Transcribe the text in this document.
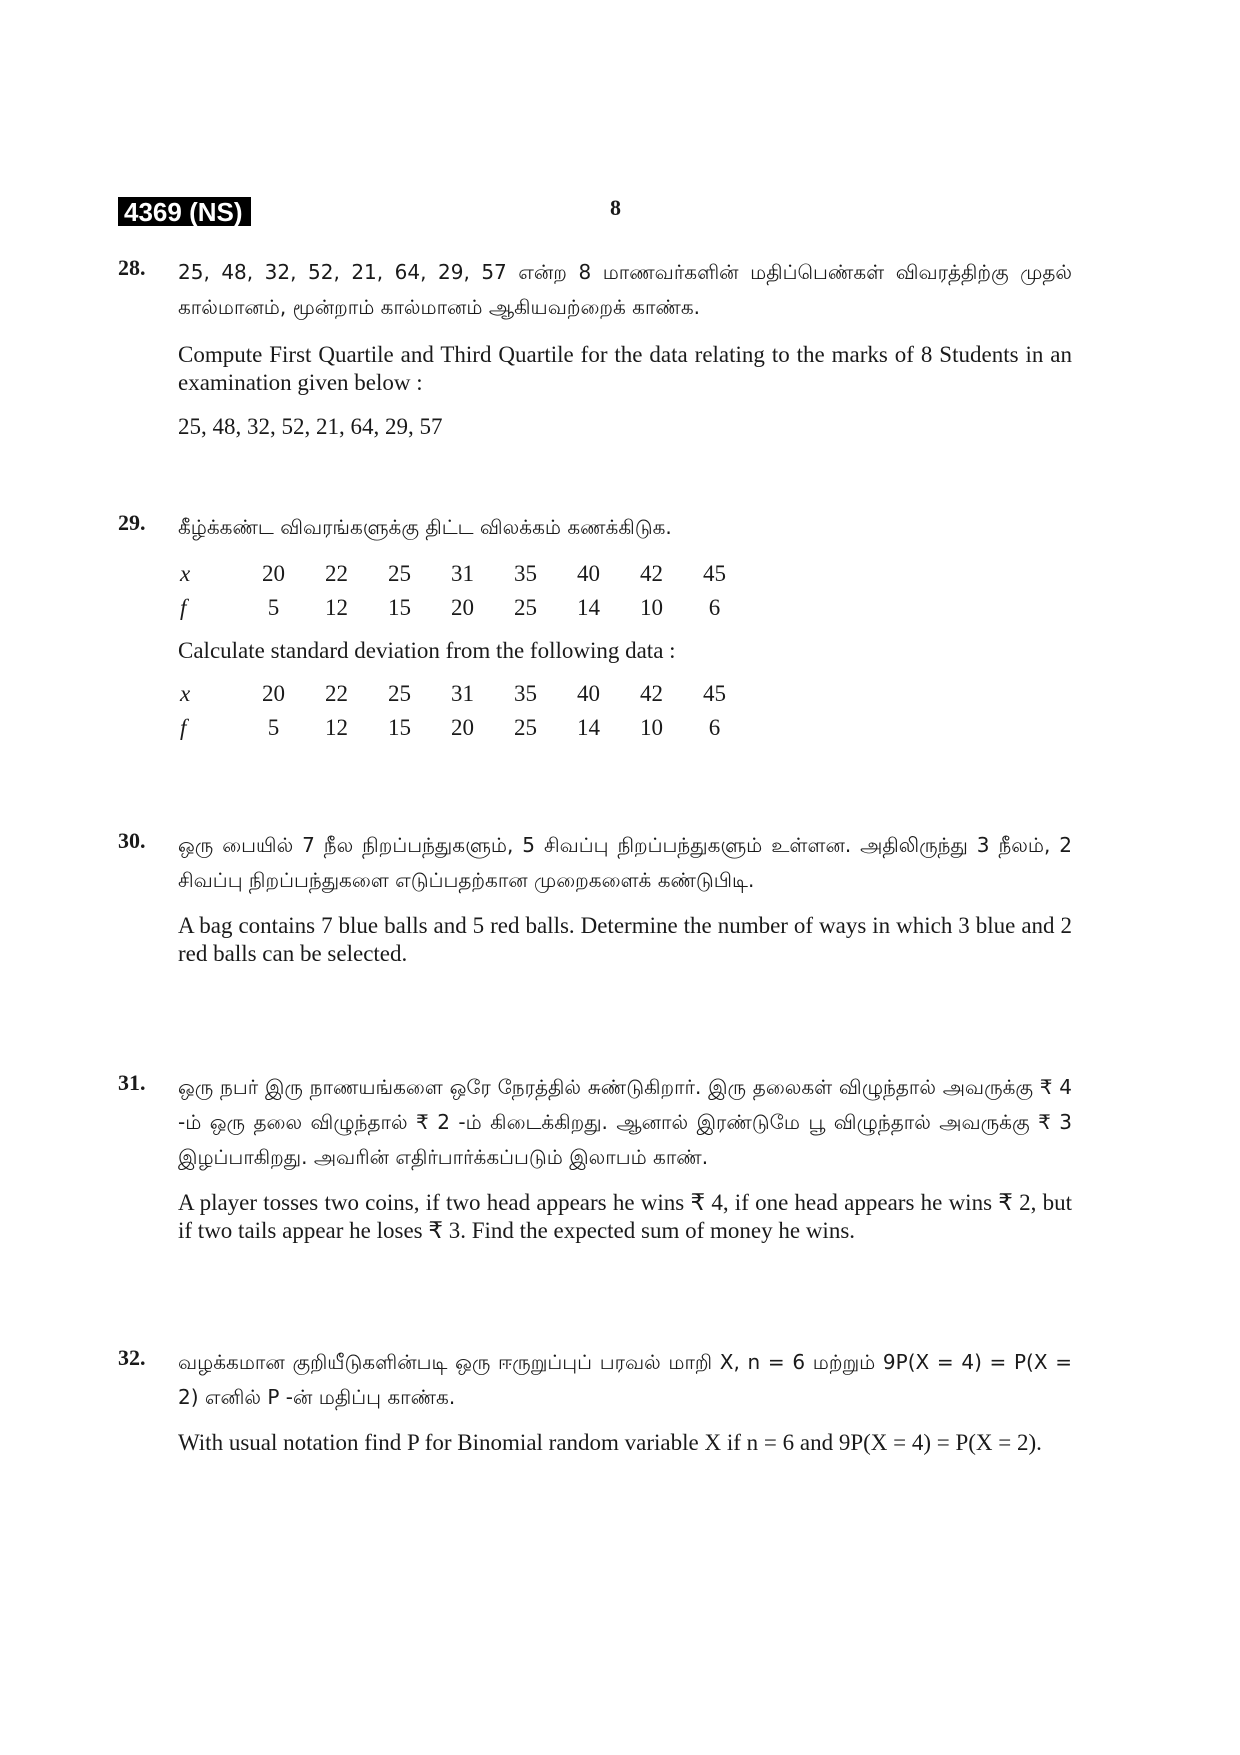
4369 (NS)	8
28. 25, 48, 32, 52, 21, 64, 29, 57 என்ற 8 மாணவர்களின் மதிப்பெண்கள் விவரத்திற்கு முதல் கால்மானம், மூன்றாம் கால்மானம் ஆகியவற்றைக் காண்க.

Compute First Quartile and Third Quartile for the data relating to the marks of 8 Students in an examination given below :

25, 48, 32, 52, 21, 64, 29, 57

29. கீழ்க்கண்ட விவரங்களுக்கு திட்ட விலக்கம் கணக்கிடுக.

x	20	22	25	31	35	40	42	45
f	5	12	15	20	25	14	10	6

Calculate standard deviation from the following data :

x	20	22	25	31	35	40	42	45
f	5	12	15	20	25	14	10	6
30. ஒரு பையில் 7 நீல நிறப்பந்துகளும், 5 சிவப்பு நிறப்பந்துகளும் உள்ளன. அதிலிருந்து 3 நீலம், 2 சிவப்பு நிறப்பந்துகளை எடுப்பதற்கான முறைகளைக் கண்டுபிடி.

A bag contains 7 blue balls and 5 red balls. Determine the number of ways in which 3 blue and 2 red balls can be selected.

31. ஒரு நபர் இரு நாணயங்களை ஒரே நேரத்தில் சுண்டுகிறார். இரு தலைகள் விழுந்தால் அவருக்கு ₹ 4 -ம் ஒரு தலை விழுந்தால் ₹ 2 -ம் கிடைக்கிறது. ஆனால் இரண்டுமே பூ விழுந்தால் அவருக்கு ₹ 3 இழப்பாகிறது. அவரின் எதிர்பார்க்கப்படும் இலாபம் காண்.

A player tosses two coins, if two head appears he wins ₹ 4, if one head appears he wins ₹ 2, but if two tails appear he loses ₹ 3. Find the expected sum of money he wins.

32. வழக்கமான குறியீடுகளின்படி ஒரு ஈருறுப்புப் பரவல் மாறி X, n = 6 மற்றும் 9P(X = 4) = P(X = 2) எனில் P -ன் மதிப்பு காண்க.

With usual notation find P for Binomial random variable X if n = 6 and 9P(X = 4) = P(X = 2).
